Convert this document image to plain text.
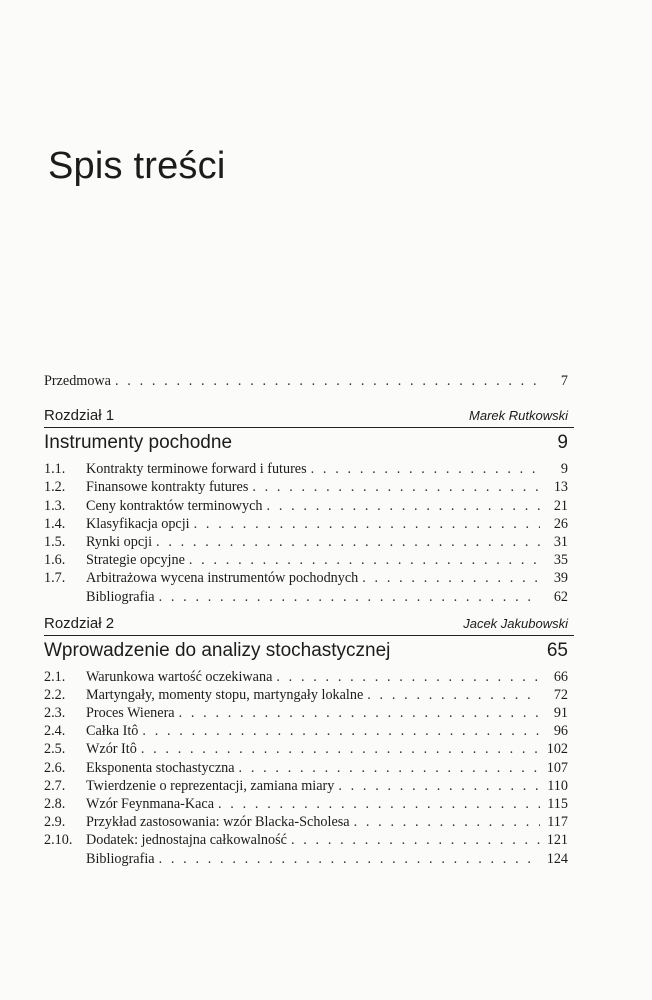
Spis treści
Przedmowa . . .	7
Rozdział 1	Marek Rutkowski
Instrumenty pochodne	9
1.1.	Kontrakty terminowe forward i futures . . .	9
1.2.	Finansowe kontrakty futures . . .	13
1.3.	Ceny kontraktów terminowych . . .	21
1.4.	Klasyfikacja opcji . . .	26
1.5.	Rynki opcji . . .	31
1.6.	Strategie opcyjne . . .	35
1.7.	Arbitrażowa wycena instrumentów pochodnych . . .	39
Bibliografia . . .	62
Rozdział 2	Jacek Jakubowski
Wprowadzenie do analizy stochastycznej	65
2.1.	Warunkowa wartość oczekiwana . . .	66
2.2.	Martyngały, momenty stopu, martyngały lokalne . . .	72
2.3.	Proces Wienera . . .	91
2.4.	Całka Itô . . .	96
2.5.	Wzór Itô . . .	102
2.6.	Eksponenta stochastyczna . . .	107
2.7.	Twierdzenie o reprezentacji, zamiana miary . . .	110
2.8.	Wzór Feynmana-Kaca . . .	115
2.9.	Przykład zastosowania: wzór Blacka-Scholesa . . .	117
2.10. Dodatek: jednostajna całkowalność . . .	121
Bibliografia . . .	124
